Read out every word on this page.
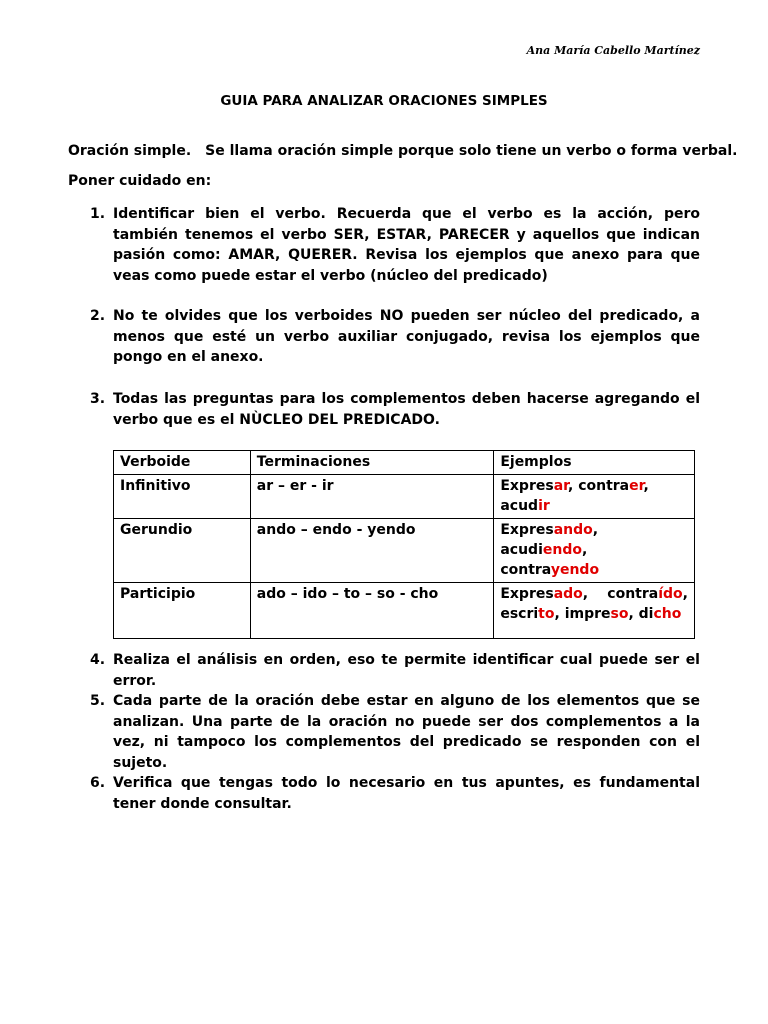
Ana María Cabello Martínez
GUIA PARA ANALIZAR ORACIONES SIMPLES
Oración simple. Se llama oración simple porque solo tiene un verbo o forma verbal.
Poner cuidado en:
1. Identificar bien el verbo. Recuerda que el verbo es la acción, pero también tenemos el verbo SER, ESTAR, PARECER y aquellos que indican pasión como: AMAR, QUERER. Revisa los ejemplos que anexo para que veas como puede estar el verbo (núcleo del predicado)
2. No te olvides que los verboides NO pueden ser núcleo del predicado, a menos que esté un verbo auxiliar conjugado, revisa los ejemplos que pongo en el anexo.
3. Todas las preguntas para los complementos deben hacerse agregando el verbo que es el NÙCLEO DEL PREDICADO.
Verboide	Terminaciones	Ejemplos
Infinitivo	ar – er - ir	Expresar, contraer, acudir

Gerundio	ando – endo - yendo	Expresando, acudiendo,
contrayendo

Participio	ado – ido – to – so - cho	Expresado, contraído,
escrito, impreso, dicho
4. Realiza el análisis en orden, eso te permite identificar cual puede ser el error.
5. Cada parte de la oración debe estar en alguno de los elementos que se analizan. Una parte de la oración no puede ser dos complementos a la vez, ni tampoco los complementos del predicado se responden con el sujeto.
6. Verifica que tengas todo lo necesario en tus apuntes, es fundamental tener donde consultar.
